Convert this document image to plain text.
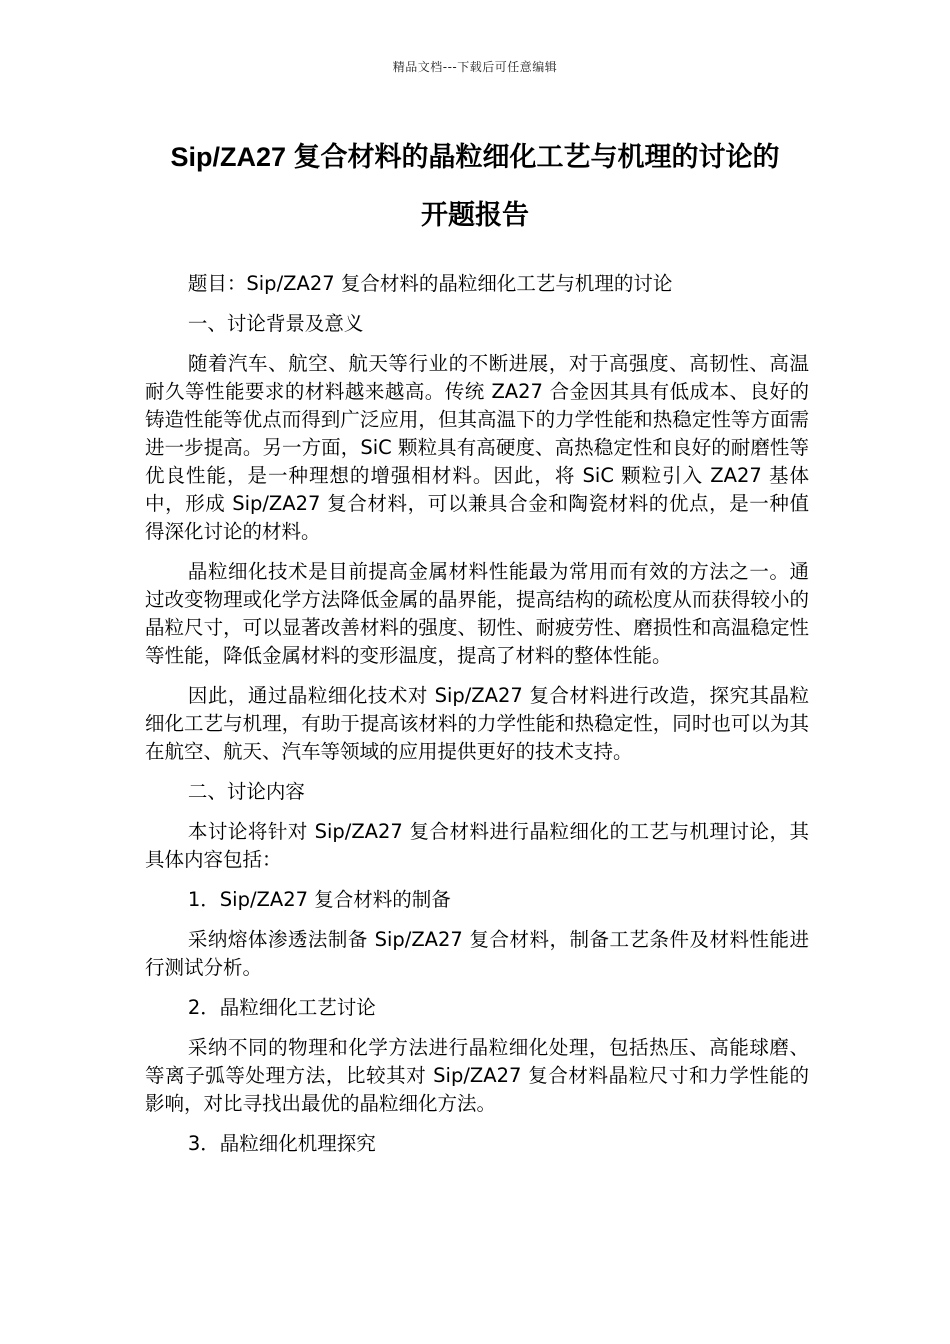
精品文档---下载后可任意编辑
Sip/ZA27 复合材料的晶粒细化工艺与机理的讨论的
开题报告

题目：Sip/ZA27 复合材料的晶粒细化工艺与机理的讨论

一、讨论背景及意义

随着汽车、航空、航天等行业的不断进展，对于高强度、高韧性、高温耐久等性能要求的材料越来越高。传统 ZA27 合金因其具有低成本、良好的铸造性能等优点而得到广泛应用，但其高温下的力学性能和热稳定性等方面需进一步提高。另一方面，SiC 颗粒具有高硬度、高热稳定性和良好的耐磨性等优良性能，是一种理想的增强相材料。因此，将 SiC 颗粒引入 ZA27 基体中，形成 Sip/ZA27 复合材料，可以兼具合金和陶瓷材料的优点，是一种值得深化讨论的材料。

晶粒细化技术是目前提高金属材料性能最为常用而有效的方法之一。通过改变物理或化学方法降低金属的晶界能，提高结构的疏松度从而获得较小的晶粒尺寸，可以显著改善材料的强度、韧性、耐疲劳性、磨损性和高温稳定性等性能，降低金属材料的变形温度，提高了材料的整体性能。

因此，通过晶粒细化技术对 Sip/ZA27 复合材料进行改造，探究其晶粒细化工艺与机理，有助于提高该材料的力学性能和热稳定性，同时也可以为其在航空、航天、汽车等领域的应用提供更好的技术支持。

二、讨论内容

本讨论将针对 Sip/ZA27 复合材料进行晶粒细化的工艺与机理讨论，其具体内容包括：

1．Sip/ZA27 复合材料的制备

采纳熔体渗透法制备 Sip/ZA27 复合材料，制备工艺条件及材料性能进行测试分析。

2．晶粒细化工艺讨论

采纳不同的物理和化学方法进行晶粒细化处理，包括热压、高能球磨、等离子弧等处理方法，比较其对 Sip/ZA27 复合材料晶粒尺寸和力学性能的影响，对比寻找出最优的晶粒细化方法。

3．晶粒细化机理探究
